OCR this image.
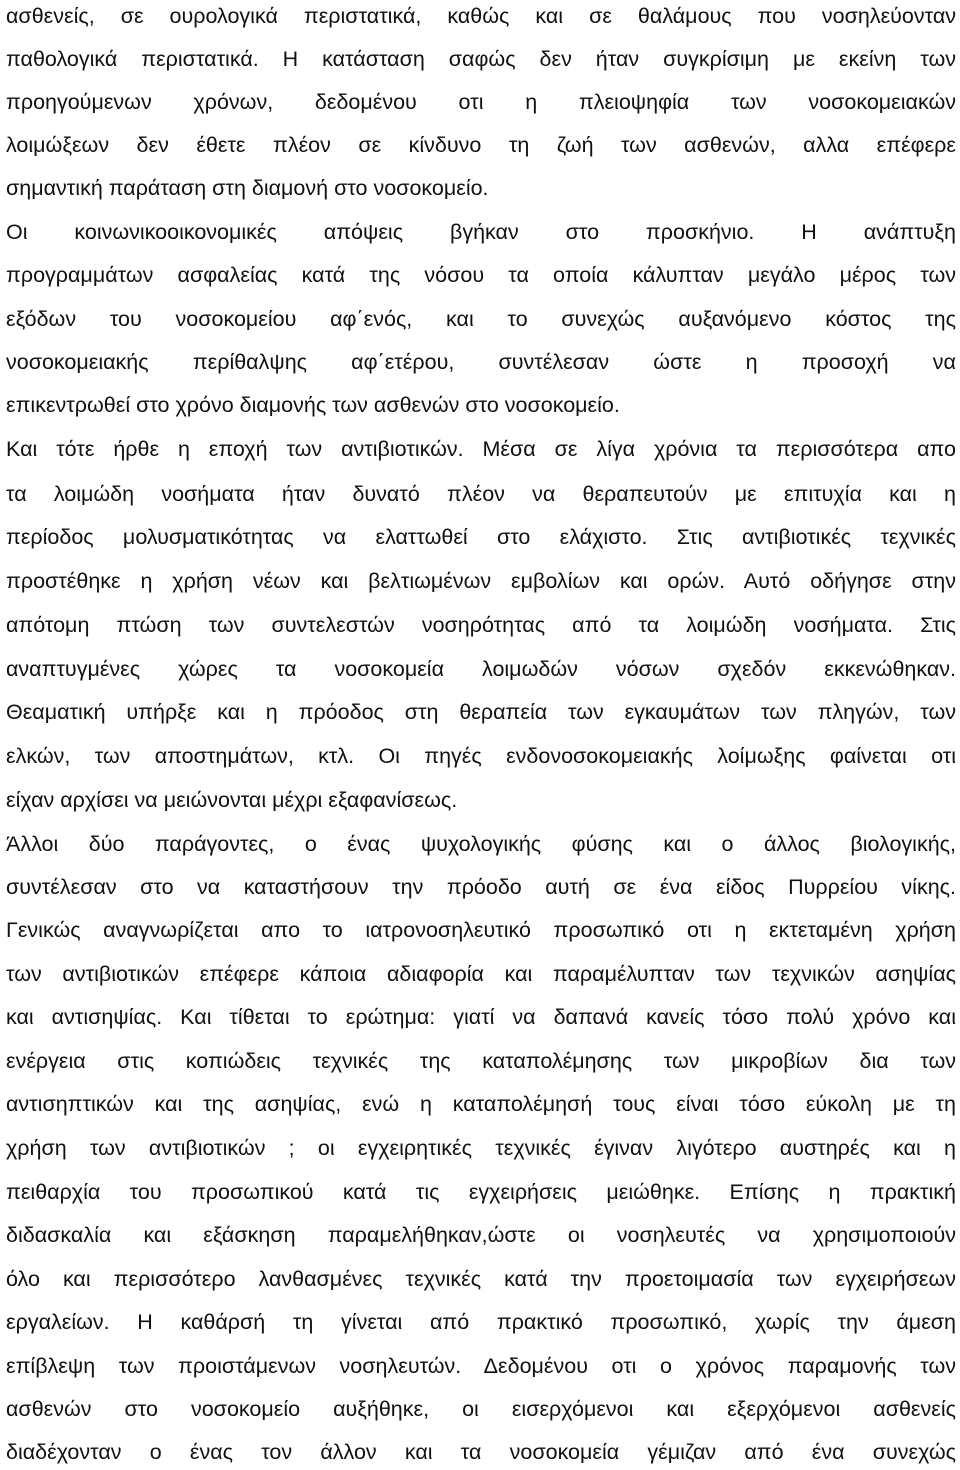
ασθενείς, σε ουρολογικά περιστατικά, καθώς και σε θαλάμους που νοσηλεύονταν
παθολογικά περιστατικά. Η κατάσταση σαφώς δεν ήταν συγκρίσιμη με εκείνη των
προηγούμενων χρόνων, δεδομένου οτι η πλειοψηφία των νοσοκομειακών
λοιμώξεων δεν έθετε πλέον σε κίνδυνο τη ζωή των ασθενών, αλλα επέφερε
σημαντική παράταση στη διαμονή στο νοσοκομείο.
Οι κοινωνικοοικονομικές απόψεις βγήκαν στο προσκήνιο. Η ανάπτυξη
προγραμμάτων ασφαλείας κατά της νόσου τα οποία κάλυπταν μεγάλο μέρος των
εξόδων του νοσοκομείου αφ΄ενός, και το συνεχώς αυξανόμενο κόστος της
νοσοκομειακής περίθαλψης αφ΄ετέρου, συντέλεσαν ώστε η προσοχή να
επικεντρωθεί στο χρόνο διαμονής των ασθενών στο νοσοκομείο.
Και τότε ήρθε η εποχή των αντιβιοτικών. Μέσα σε λίγα χρόνια τα περισσότερα απο
τα λοιμώδη νοσήματα ήταν δυνατό πλέον να θεραπευτούν με επιτυχία και η
περίοδος μολυσματικότητας να ελαττωθεί στο ελάχιστο. Στις αντιβιοτικές τεχνικές
προστέθηκε η χρήση νέων και βελτιωμένων εμβολίων και ορών. Αυτό οδήγησε στην
απότομη πτώση των συντελεστών νοσηρότητας από τα λοιμώδη νοσήματα. Στις
αναπτυγμένες χώρες τα νοσοκομεία λοιμωδών νόσων σχεδόν εκκενώθηκαν.
Θεαματική υπήρξε και η πρόοδος στη θεραπεία των εγκαυμάτων των πληγών, των
ελκών, των αποστημάτων, κτλ. Οι πηγές ενδονοσοκομειακής λοίμωξης φαίνεται οτι
είχαν αρχίσει να μειώνονται μέχρι εξαφανίσεως.
Άλλοι δύο παράγοντες, ο ένας ψυχολογικής φύσης και ο άλλος βιολογικής,
συντέλεσαν στο να καταστήσουν την πρόοδο αυτή σε ένα είδος Πυρρείου νίκης.
Γενικώς αναγνωρίζεται απο το ιατρονοσηλευτικό προσωπικό οτι η εκτεταμένη χρήση
των αντιβιοτικών επέφερε κάποια αδιαφορία και παραμέλυπταν των τεχνικών ασηψίας
και αντισηψίας. Και τίθεται το ερώτημα: γιατί να δαπανά κανείς τόσο πολύ χρόνο και
ενέργεια στις κοπιώδεις τεχνικές της καταπολέμησης των μικροβίων δια των
αντισηπτικών και της ασηψίας, ενώ η καταπολέμησή τους είναι τόσο εύκολη με τη
χρήση των αντιβιοτικών ; οι εγχειρητικές τεχνικές έγιναν λιγότερο αυστηρές και η
πειθαρχία του προσωπικού κατά τις εγχειρήσεις μειώθηκε. Επίσης η πρακτική
διδασκαλία και εξάσκηση παραμελήθηκαν,ώστε οι νοσηλευτές να χρησιμοποιούν
όλο και περισσότερο λανθασμένες τεχνικές κατά την προετοιμασία των εγχειρήσεων
εργαλείων. Η καθάρσή τη γίνεται από πρακτικό προσωπικό, χωρίς την άμεση
επίβλεψη των προιστάμενων νοσηλευτών. Δεδομένου οτι ο χρόνος παραμονής των
ασθενών στο νοσοκομείο αυξήθηκε, οι εισερχόμενοι και εξερχόμενοι ασθενείς
διαδέχονταν ο ένας τον άλλον και τα νοσοκομεία γέμιζαν από ένα συνεχώς
